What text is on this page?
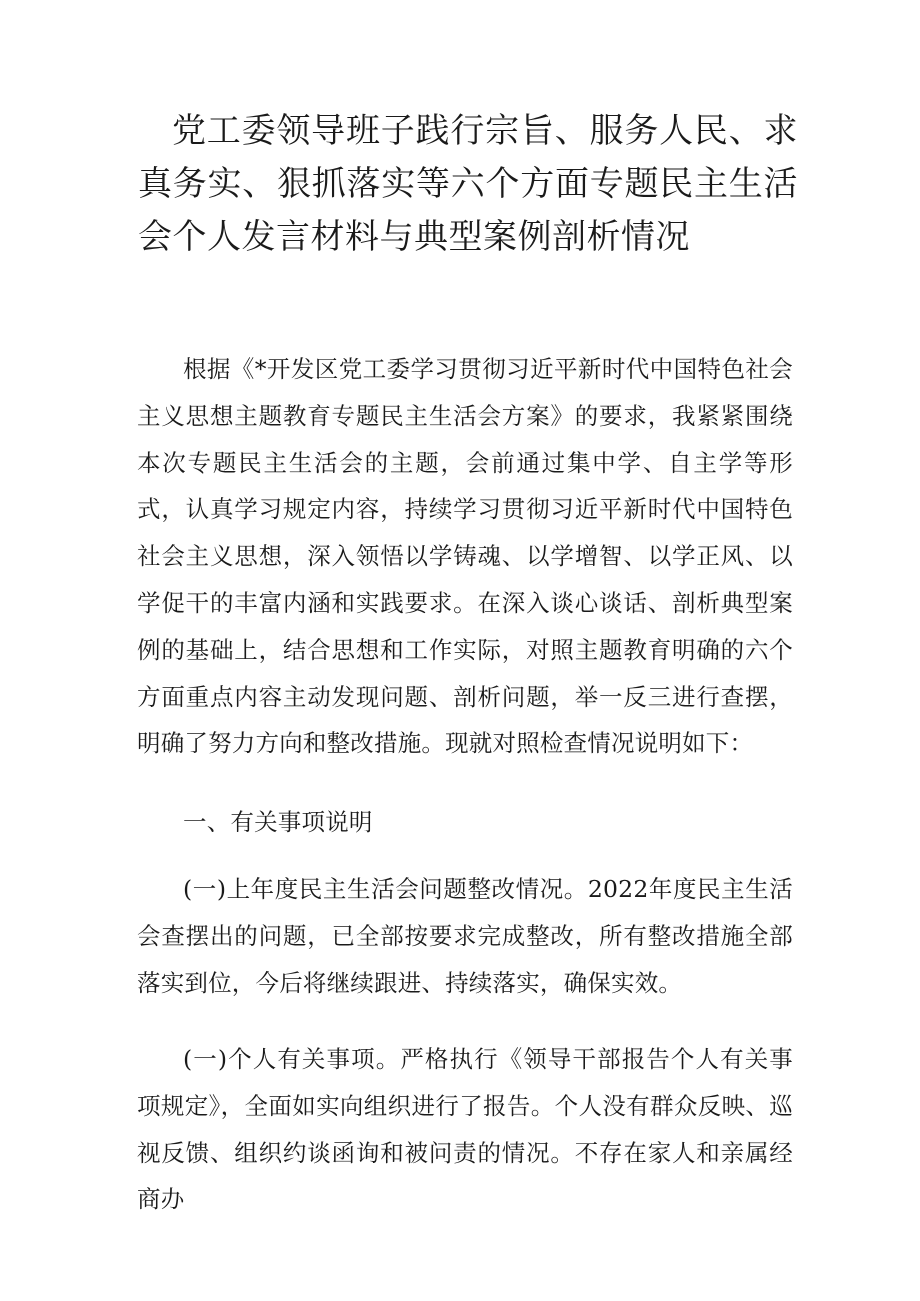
党工委领导班子践行宗旨、服务人民、求真务实、狠抓落实等六个方面专题民主生活会个人发言材料与典型案例剖析情况

根据《*开发区党工委学习贯彻习近平新时代中国特色社会主义思想主题教育专题民主生活会方案》的要求，我紧紧围绕本次专题民主生活会的主题，会前通过集中学、自主学等形式，认真学习规定内容，持续学习贯彻习近平新时代中国特色社会主义思想，深入领悟以学铸魂、以学增智、以学正风、以学促干的丰富内涵和实践要求。在深入谈心谈话、剖析典型案例的基础上，结合思想和工作实际，对照主题教育明确的六个方面重点内容主动发现问题、剖析问题，举一反三进行查摆，明确了努力方向和整改措施。现就对照检查情况说明如下：

一、有关事项说明

(一)上年度民主生活会问题整改情况。2022年度民主生活会查摆出的问题，已全部按要求完成整改，所有整改措施全部落实到位，今后将继续跟进、持续落实，确保实效。

(一)个人有关事项。严格执行《领导干部报告个人有关事项规定》，全面如实向组织进行了报告。个人没有群众反映、巡视反馈、组织约谈函询和被问责的情况。不存在家人和亲属经商办
